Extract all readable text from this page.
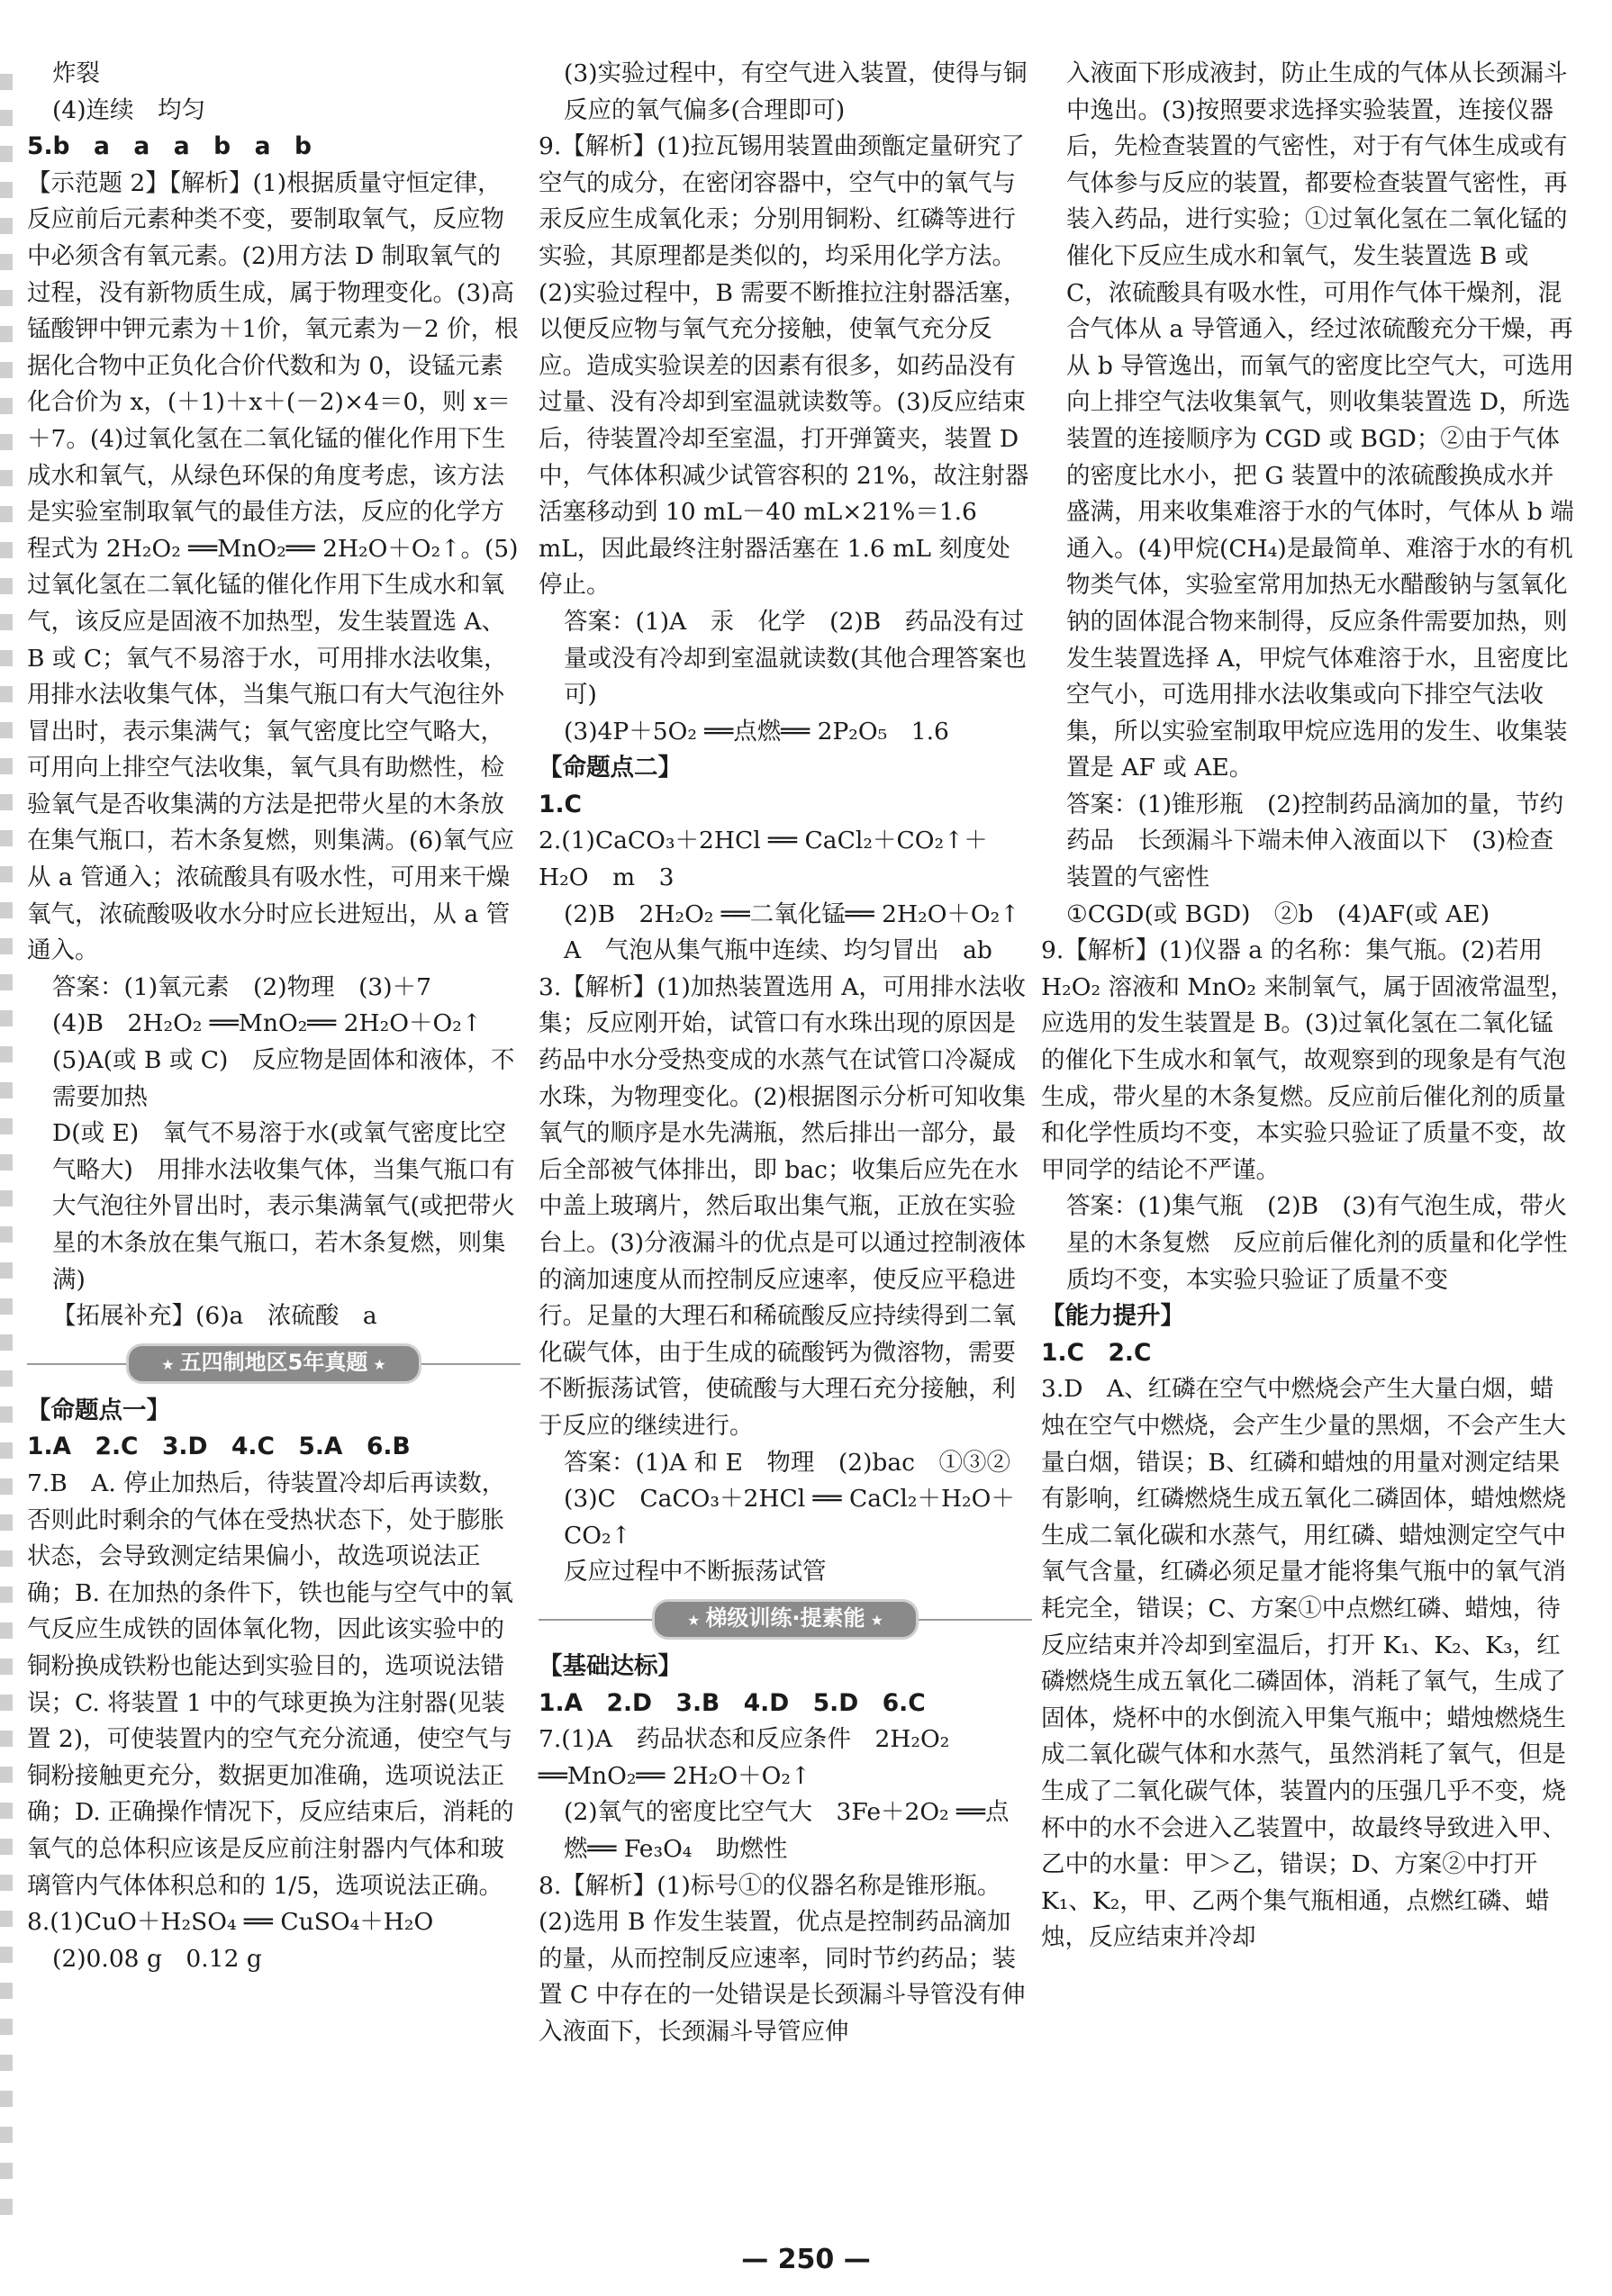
炸裂

(4)连续　均匀

5.b　a　a　a　b　a　b

【示范题 2】【解析】(1)根据质量守恒定律，反应前后元素种类不变，要制取氧气，反应物中必须含有氧元素。(2)用方法 D 制取氧气的过程，没有新物质生成，属于物理变化。(3)高锰酸钾中钾元素为＋1价，氧元素为－2 价，根据化合物中正负化合价代数和为 0，设锰元素化合价为 x，(＋1)＋x＋(－2)×4＝0，则 x＝＋7。(4)过氧化氢在二氧化锰的催化作用下生成水和氧气，从绿色环保的角度考虑，该方法是实验室制取氧气的最佳方法，反应的化学方程式为 2H₂O₂ ══MnO₂══ 2H₂O＋O₂↑。(5)过氧化氢在二氧化锰的催化作用下生成水和氧气，该反应是固液不加热型，发生装置选 A、B 或 C；氧气不易溶于水，可用排水法收集，用排水法收集气体，当集气瓶口有大气泡往外冒出时，表示集满气；氧气密度比空气略大，可用向上排空气法收集，氧气具有助燃性，检验氧气是否收集满的方法是把带火星的木条放在集气瓶口，若木条复燃，则集满。(6)氧气应从 a 管通入；浓硫酸具有吸水性，可用来干燥氧气，浓硫酸吸收水分时应长进短出，从 a 管通入。

答案：(1)氧元素　(2)物理　(3)＋7

(4)B　2H₂O₂ ══MnO₂══ 2H₂O＋O₂↑

(5)A(或 B 或 C)　反应物是固体和液体，不需要加热

D(或 E)　氧气不易溶于水(或氧气密度比空气略大)　用排水法收集气体，当集气瓶口有大气泡往外冒出时，表示集满氧气(或把带火星的木条放在集气瓶口，若木条复燃，则集满)

【拓展补充】(6)a　浓硫酸　a

★ 五四制地区5年真题 ★

【命题点一】

1.A　2.C　3.D　4.C　5.A　6.B

7.B　A. 停止加热后，待装置冷却后再读数，否则此时剩余的气体在受热状态下，处于膨胀状态，会导致测定结果偏小，故选项说法正确；B. 在加热的条件下，铁也能与空气中的氧气反应生成铁的固体氧化物，因此该实验中的铜粉换成铁粉也能达到实验目的，选项说法错误；C. 将装置 1 中的气球更换为注射器(见装置 2)，可使装置内的空气充分流通，使空气与铜粉接触更充分，数据更加准确，选项说法正确；D. 正确操作情况下，反应结束后，消耗的氧气的总体积应该是反应前注射器内气体和玻璃管内气体体积总和的 1/5，选项说法正确。

8.(1)CuO＋H₂SO₄ ══ CuSO₄＋H₂O

(2)0.08 g　0.12 g

(3)实验过程中，有空气进入装置，使得与铜反应的氧气偏多(合理即可)

9.【解析】(1)拉瓦锡用装置曲颈甑定量研究了空气的成分，在密闭容器中，空气中的氧气与汞反应生成氧化汞；分别用铜粉、红磷等进行实验，其原理都是类似的，均采用化学方法。(2)实验过程中，B 需要不断推拉注射器活塞，以便反应物与氧气充分接触，使氧气充分反应。造成实验误差的因素有很多，如药品没有过量、没有冷却到室温就读数等。(3)反应结束后，待装置冷却至室温，打开弹簧夹，装置 D 中，气体体积减少试管容积的 21%，故注射器活塞移动到 10 mL－40 mL×21%＝1.6 mL，因此最终注射器活塞在 1.6 mL 刻度处停止。

答案：(1)A　汞　化学　(2)B　药品没有过量或没有冷却到室温就读数(其他合理答案也可)

(3)4P＋5O₂ ══点燃══ 2P₂O₅　1.6

【命题点二】

1.C

2.(1)CaCO₃＋2HCl ══ CaCl₂＋CO₂↑＋H₂O　m　3

(2)B　2H₂O₂ ══二氧化锰══ 2H₂O＋O₂↑　A　气泡从集气瓶中连续、均匀冒出　ab

3.【解析】(1)加热装置选用 A，可用排水法收集；反应刚开始，试管口有水珠出现的原因是药品中水分受热变成的水蒸气在试管口冷凝成水珠，为物理变化。(2)根据图示分析可知收集氧气的顺序是水先满瓶，然后排出一部分，最后全部被气体排出，即 bac；收集后应先在水中盖上玻璃片，然后取出集气瓶，正放在实验台上。(3)分液漏斗的优点是可以通过控制液体的滴加速度从而控制反应速率，使反应平稳进行。足量的大理石和稀硫酸反应持续得到二氧化碳气体，由于生成的硫酸钙为微溶物，需要不断振荡试管，使硫酸与大理石充分接触，利于反应的继续进行。

答案：(1)A 和 E　物理　(2)bac　①③②

(3)C　CaCO₃＋2HCl ══ CaCl₂＋H₂O＋CO₂↑

反应过程中不断振荡试管

★ 梯级训练·提素能 ★

【基础达标】

1.A　2.D　3.B　4.D　5.D　6.C

7.(1)A　药品状态和反应条件　2H₂O₂ ══MnO₂══ 2H₂O＋O₂↑

(2)氧气的密度比空气大　3Fe＋2O₂ ══点燃══ Fe₃O₄　助燃性

8.【解析】(1)标号①的仪器名称是锥形瓶。(2)选用 B 作发生装置，优点是控制药品滴加的量，从而控制反应速率，同时节约药品；装置 C 中存在的一处错误是长颈漏斗导管没有伸入液面下，长颈漏斗导管应伸

入液面下形成液封，防止生成的气体从长颈漏斗中逸出。(3)按照要求选择实验装置，连接仪器后，先检查装置的气密性，对于有气体生成或有气体参与反应的装置，都要检查装置气密性，再装入药品，进行实验；①过氧化氢在二氧化锰的催化下反应生成水和氧气，发生装置选 B 或 C，浓硫酸具有吸水性，可用作气体干燥剂，混合气体从 a 导管通入，经过浓硫酸充分干燥，再从 b 导管逸出，而氧气的密度比空气大，可选用向上排空气法收集氧气，则收集装置选 D，所选装置的连接顺序为 CGD 或 BGD；②由于气体的密度比水小，把 G 装置中的浓硫酸换成水并盛满，用来收集难溶于水的气体时，气体从 b 端通入。(4)甲烷(CH₄)是最简单、难溶于水的有机物类气体，实验室常用加热无水醋酸钠与氢氧化钠的固体混合物来制得，反应条件需要加热，则发生装置选择 A，甲烷气体难溶于水，且密度比空气小，可选用排水法收集或向下排空气法收集，所以实验室制取甲烷应选用的发生、收集装置是 AF 或 AE。

答案：(1)锥形瓶　(2)控制药品滴加的量，节约药品　长颈漏斗下端未伸入液面以下　(3)检查装置的气密性

①CGD(或 BGD)　②b　(4)AF(或 AE)

9.【解析】(1)仪器 a 的名称：集气瓶。(2)若用 H₂O₂ 溶液和 MnO₂ 来制氧气，属于固液常温型，应选用的发生装置是 B。(3)过氧化氢在二氧化锰的催化下生成水和氧气，故观察到的现象是有气泡生成，带火星的木条复燃。反应前后催化剂的质量和化学性质均不变，本实验只验证了质量不变，故甲同学的结论不严谨。

答案：(1)集气瓶　(2)B　(3)有气泡生成，带火星的木条复燃　反应前后催化剂的质量和化学性质均不变，本实验只验证了质量不变

【能力提升】

1.C　2.C

3.D　A、红磷在空气中燃烧会产生大量白烟，蜡烛在空气中燃烧，会产生少量的黑烟，不会产生大量白烟，错误；B、红磷和蜡烛的用量对测定结果有影响，红磷燃烧生成五氧化二磷固体，蜡烛燃烧生成二氧化碳和水蒸气，用红磷、蜡烛测定空气中氧气含量，红磷必须足量才能将集气瓶中的氧气消耗完全，错误；C、方案①中点燃红磷、蜡烛，待反应结束并冷却到室温后，打开 K₁、K₂、K₃，红磷燃烧生成五氧化二磷固体，消耗了氧气，生成了固体，烧杯中的水倒流入甲集气瓶中；蜡烛燃烧生成二氧化碳气体和水蒸气，虽然消耗了氧气，但是生成了二氧化碳气体，装置内的压强几乎不变，烧杯中的水不会进入乙装置中，故最终导致进入甲、乙中的水量：甲＞乙，错误；D、方案②中打开 K₁、K₂，甲、乙两个集气瓶相通，点燃红磷、蜡烛，反应结束并冷却

— 250 —
